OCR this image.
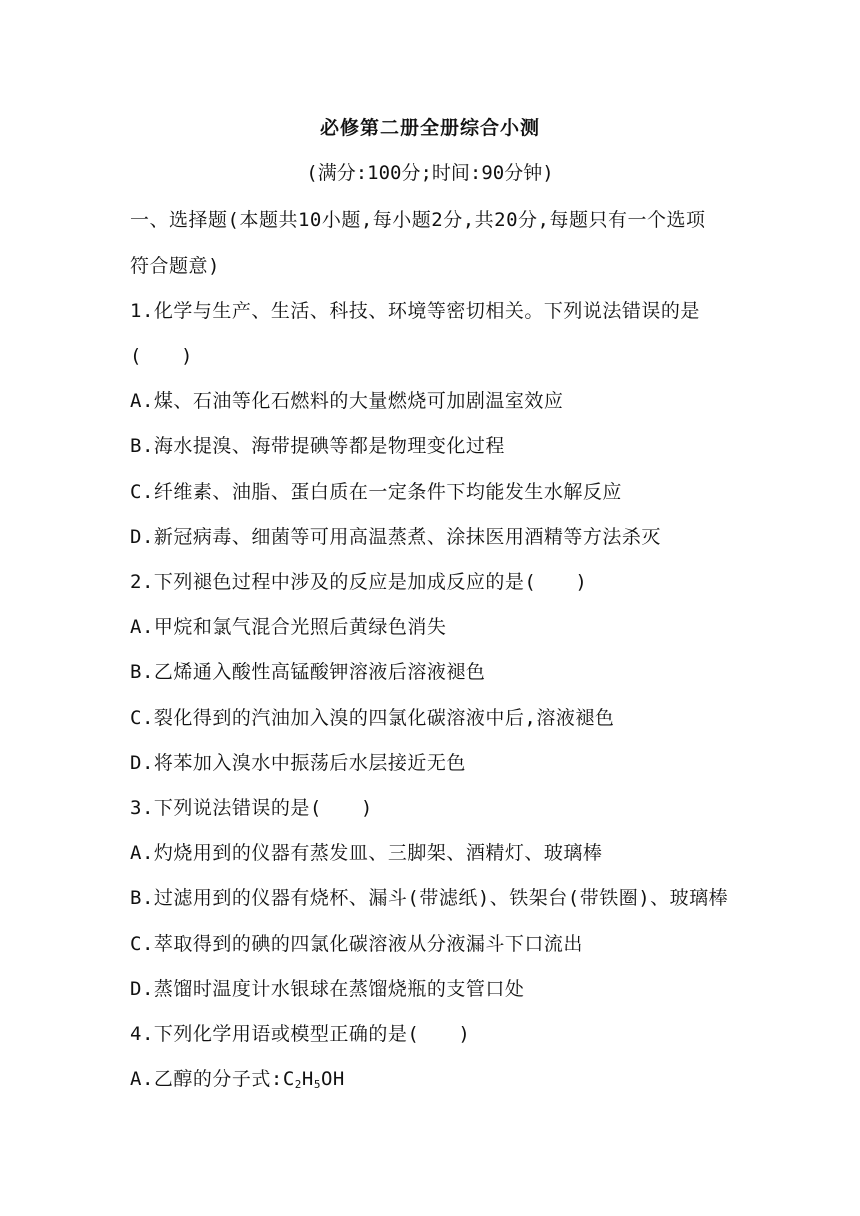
必修第二册全册综合小测
(满分:100分;时间:90分钟)
一、选择题(本题共10小题,每小题2分,共20分,每题只有一个选项
符合题意)
1.化学与生产、生活、科技、环境等密切相关。下列说法错误的是
(　　)
A.煤、石油等化石燃料的大量燃烧可加剧温室效应
B.海水提溴、海带提碘等都是物理变化过程
C.纤维素、油脂、蛋白质在一定条件下均能发生水解反应
D.新冠病毒、细菌等可用高温蒸煮、涂抹医用酒精等方法杀灭
2.下列褪色过程中涉及的反应是加成反应的是(　　)
A.甲烷和氯气混合光照后黄绿色消失
B.乙烯通入酸性高锰酸钾溶液后溶液褪色
C.裂化得到的汽油加入溴的四氯化碳溶液中后,溶液褪色
D.将苯加入溴水中振荡后水层接近无色
3.下列说法错误的是(　　)
A.灼烧用到的仪器有蒸发皿、三脚架、酒精灯、玻璃棒
B.过滤用到的仪器有烧杯、漏斗(带滤纸)、铁架台(带铁圈)、玻璃棒
C.萃取得到的碘的四氯化碳溶液从分液漏斗下口流出
D.蒸馏时温度计水银球在蒸馏烧瓶的支管口处
4.下列化学用语或模型正确的是(　　)
A.乙醇的分子式$:C_2H_5OH$
